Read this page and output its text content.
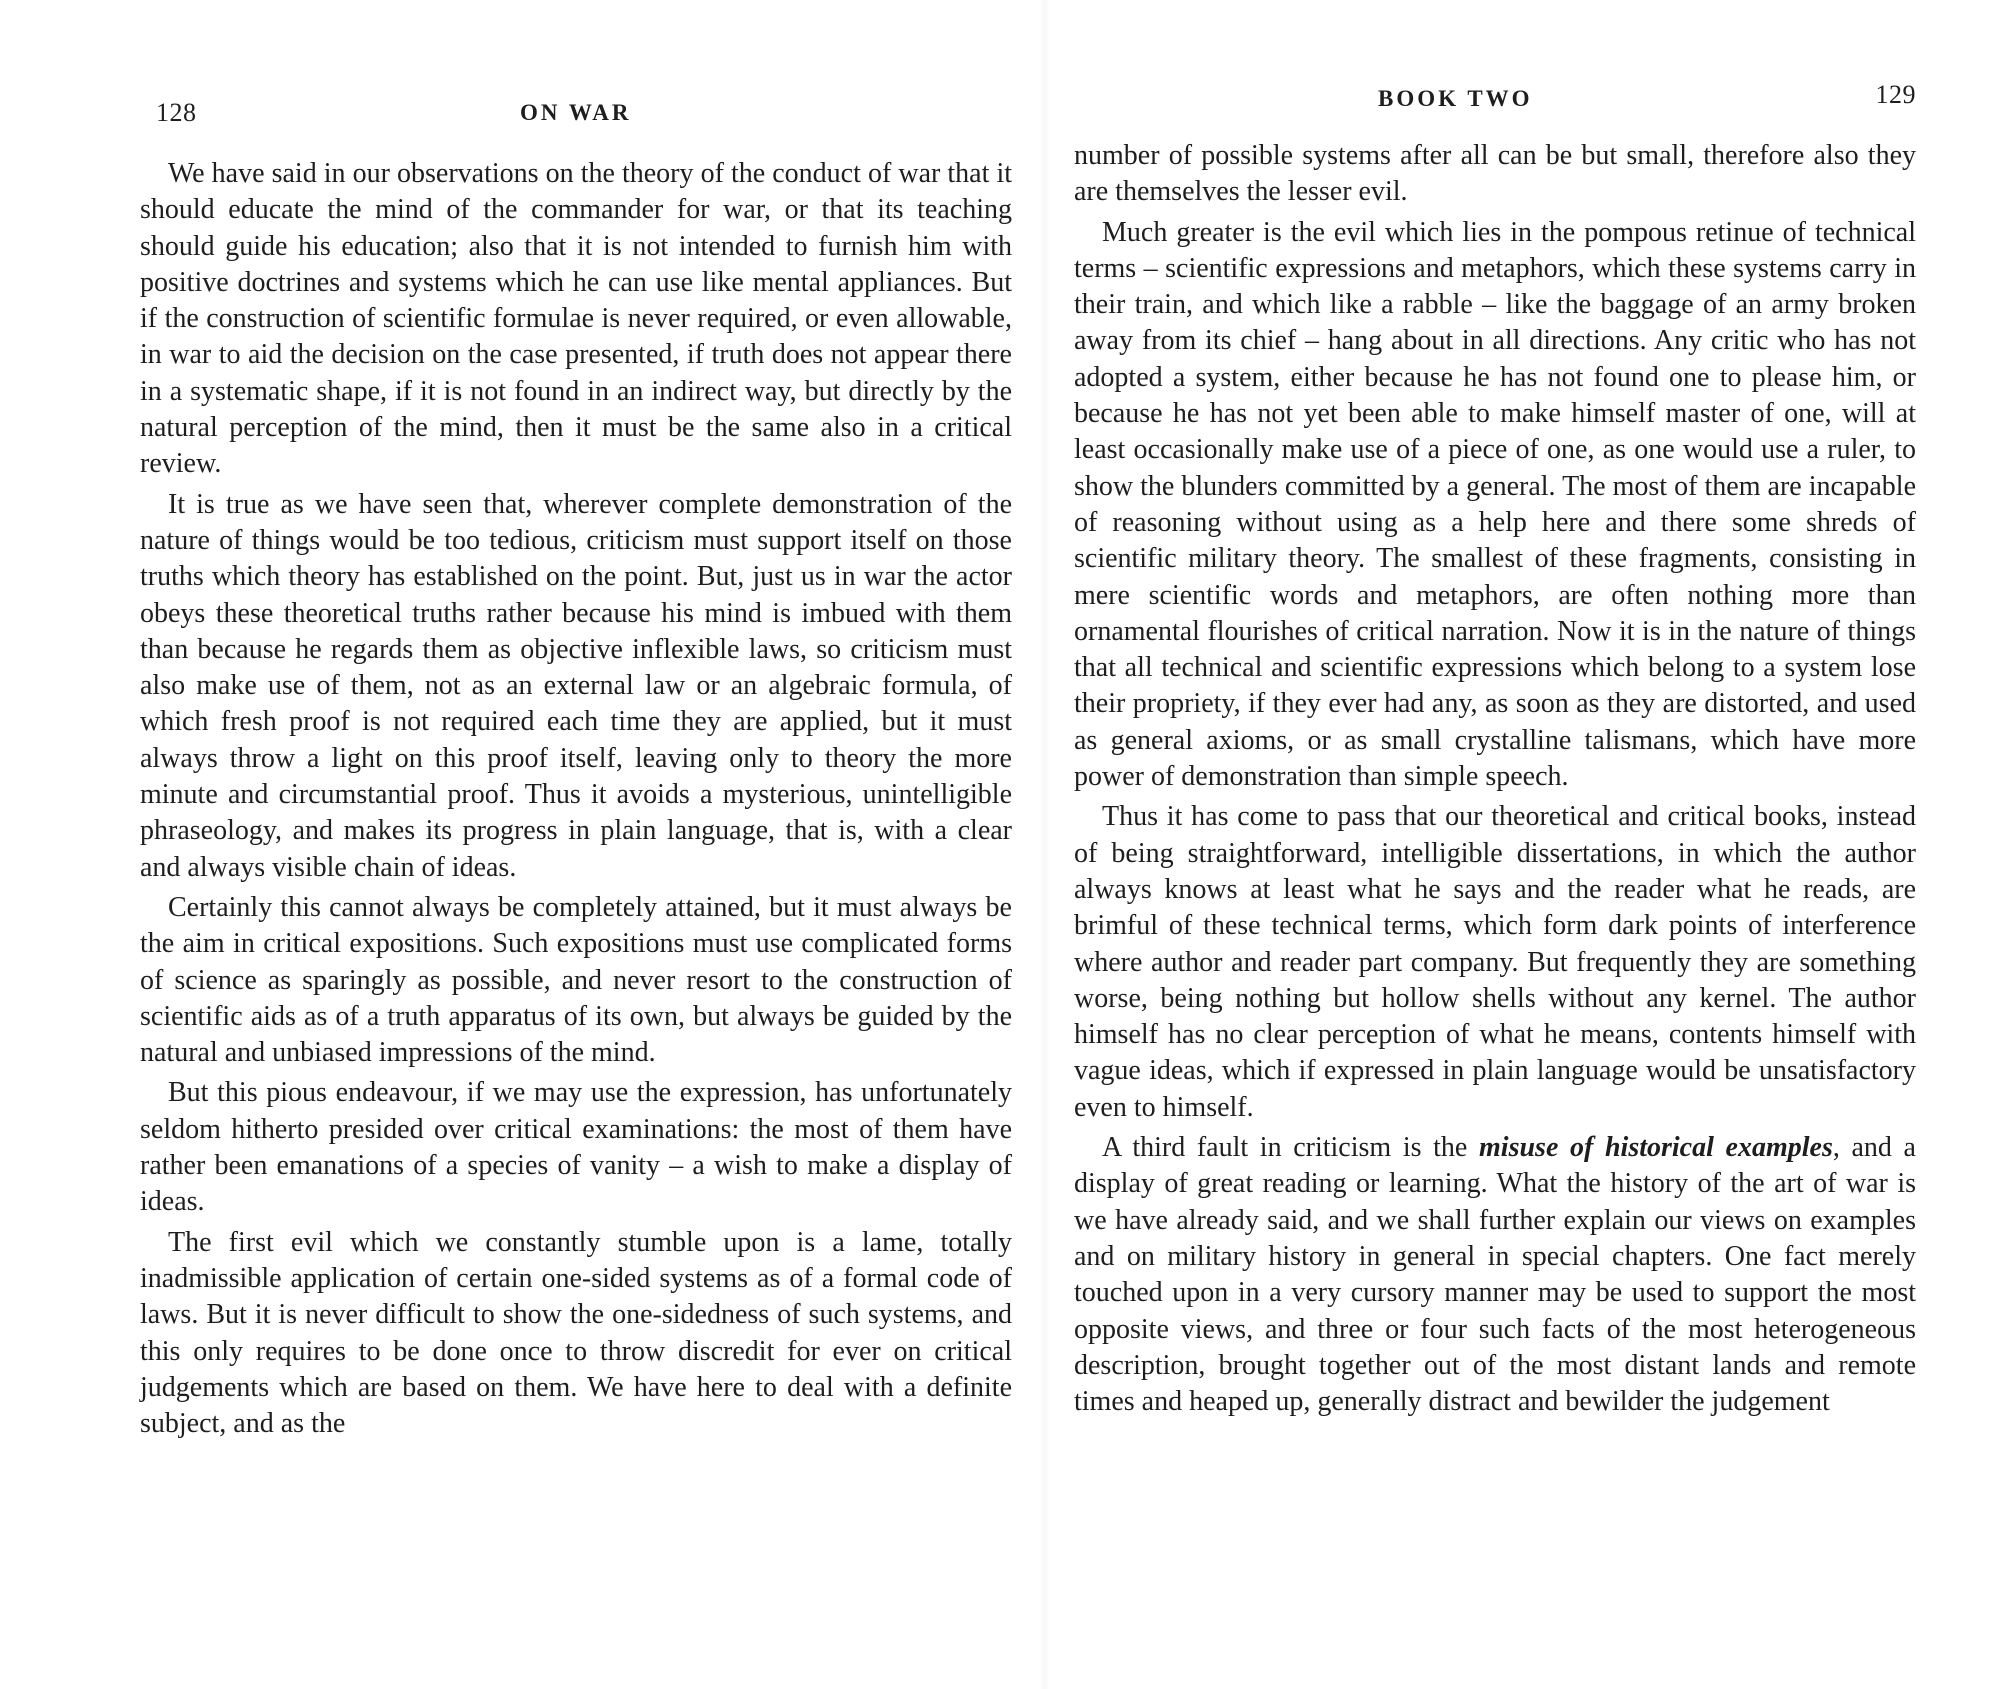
128	ON WAR

We have said in our observations on the theory of the conduct of war that it should educate the mind of the commander for war, or that its teaching should guide his education; also that it is not intended to furnish him with positive doctrines and systems which he can use like mental appliances. But if the construction of scientific formulae is never required, or even allowable, in war to aid the decision on the case presented, if truth does not appear there in a systematic shape, if it is not found in an indirect way, but directly by the natural perception of the mind, then it must be the same also in a critical review.

It is true as we have seen that, wherever complete demonstration of the nature of things would be too tedious, criticism must support itself on those truths which theory has established on the point. But, just us in war the actor obeys these theoretical truths rather because his mind is imbued with them than because he regards them as objective inflexible laws, so criticism must also make use of them, not as an external law or an algebraic formula, of which fresh proof is not required each time they are applied, but it must always throw a light on this proof itself, leaving only to theory the more minute and circumstantial proof. Thus it avoids a mysterious, unintelligible phraseology, and makes its progress in plain language, that is, with a clear and always visible chain of ideas.

Certainly this cannot always be completely attained, but it must always be the aim in critical expositions. Such expositions must use complicated forms of science as sparingly as possible, and never resort to the construction of scientific aids as of a truth apparatus of its own, but always be guided by the natural and unbiased impressions of the mind.

But this pious endeavour, if we may use the expression, has unfortunately seldom hitherto presided over critical examinations: the most of them have rather been emanations of a species of vanity – a wish to make a display of ideas.

The first evil which we constantly stumble upon is a lame, totally inadmissible application of certain one-sided systems as of a formal code of laws. But it is never difficult to show the one-sidedness of such systems, and this only requires to be done once to throw discredit for ever on critical judgements which are based on them. We have here to deal with a definite subject, and as the

BOOK TWO	129

number of possible systems after all can be but small, therefore also they are themselves the lesser evil.

Much greater is the evil which lies in the pompous retinue of technical terms – scientific expressions and metaphors, which these systems carry in their train, and which like a rabble – like the baggage of an army broken away from its chief – hang about in all directions. Any critic who has not adopted a system, either because he has not found one to please him, or because he has not yet been able to make himself master of one, will at least occasionally make use of a piece of one, as one would use a ruler, to show the blunders committed by a general. The most of them are incapable of reasoning without using as a help here and there some shreds of scientific military theory. The smallest of these fragments, consisting in mere scientific words and metaphors, are often nothing more than ornamental flourishes of critical narration. Now it is in the nature of things that all technical and scientific expressions which belong to a system lose their propriety, if they ever had any, as soon as they are distorted, and used as general axioms, or as small crystalline talismans, which have more power of demonstration than simple speech.

Thus it has come to pass that our theoretical and critical books, instead of being straightforward, intelligible dissertations, in which the author always knows at least what he says and the reader what he reads, are brimful of these technical terms, which form dark points of interference where author and reader part company. But frequently they are something worse, being nothing but hollow shells without any kernel. The author himself has no clear perception of what he means, contents himself with vague ideas, which if expressed in plain language would be unsatisfactory even to himself.

A third fault in criticism is the misuse of historical examples, and a display of great reading or learning. What the history of the art of war is we have already said, and we shall further explain our views on examples and on military history in general in special chapters. One fact merely touched upon in a very cursory manner may be used to support the most opposite views, and three or four such facts of the most heterogeneous description, brought together out of the most distant lands and remote times and heaped up, generally distract and bewilder the judgement
